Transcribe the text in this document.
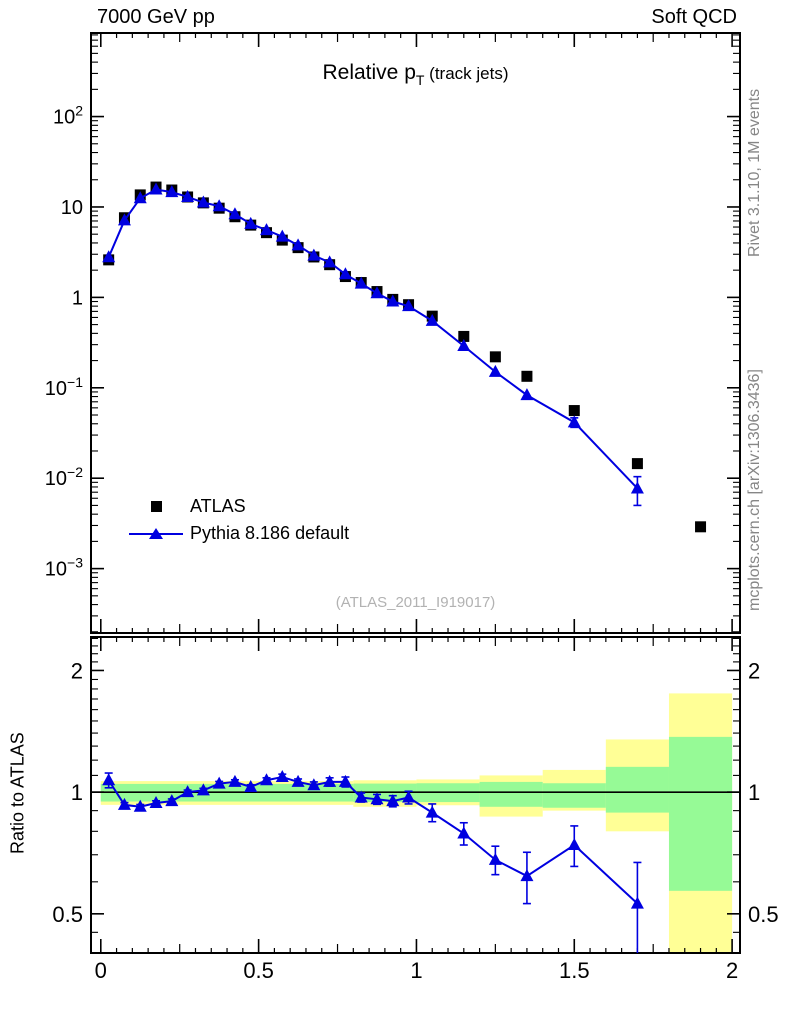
7000 GeV pp	Soft QCD
(ATLAS_2011_I919017)
0	0.5	1	1.5	2
$10^2$
10
1
$10^{-1}$
$10^{-2}$
$10^{-3}$
2	2
1	1
0.5	0.5
Relative $p_T$ (track jets)
ATLAS
Pythia 8.186 default
Rivet 3.1.10, 1M events
mcplots.cern.ch [arXiv:1306.3436]
Ratio to ATLAS
